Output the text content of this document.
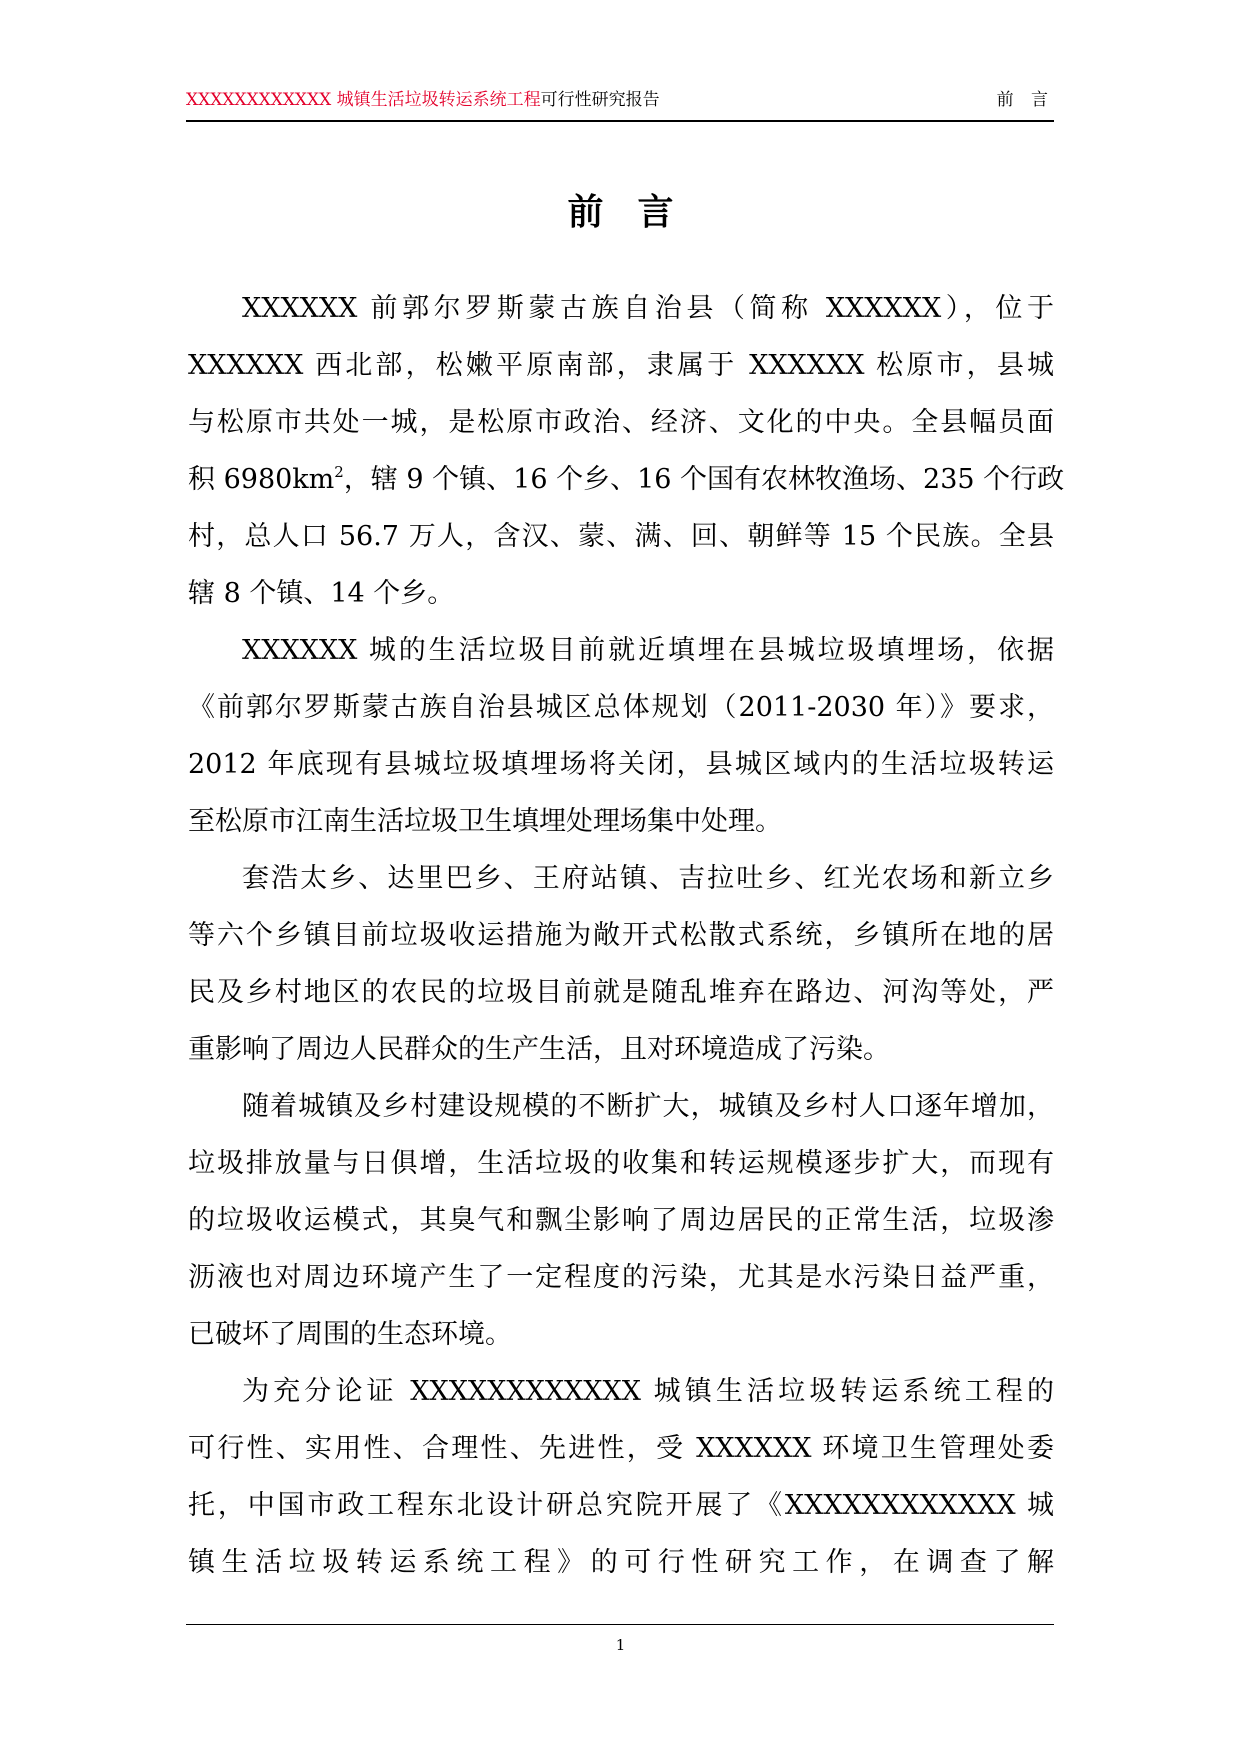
XXXXXXXXXXXX 城镇生活垃圾转运系统工程可行性研究报告	前 言
前言
XXXXXX 前郭尔罗斯蒙古族自治县（简称 XXXXXX），位于
XXXXXX 西北部，松嫩平原南部，隶属于 XXXXXX 松原市，县城
与松原市共处一城，是松原市政治、经济、文化的中央。全县幅员面
积 $6980km^2$，辖 9 个镇、16 个乡、16 个国有农林牧渔场、235 个行政
村，总人口 56.7 万人，含汉、蒙、满、回、朝鲜等 15 个民族。全县
辖 8 个镇、14 个乡。
XXXXXX 城的生活垃圾目前就近填埋在县城垃圾填埋场，依据
《前郭尔罗斯蒙古族自治县城区总体规划（2011-2030 年）》要求，
2012 年底现有县城垃圾填埋场将关闭，县城区域内的生活垃圾转运
至松原市江南生活垃圾卫生填埋处理场集中处理。
套浩太乡、达里巴乡、王府站镇、吉拉吐乡、红光农场和新立乡
等六个乡镇目前垃圾收运措施为敞开式松散式系统，乡镇所在地的居
民及乡村地区的农民的垃圾目前就是随乱堆弃在路边、河沟等处，严
重影响了周边人民群众的生产生活，且对环境造成了污染。
随着城镇及乡村建设规模的不断扩大，城镇及乡村人口逐年增加，
垃圾排放量与日俱增，生活垃圾的收集和转运规模逐步扩大，而现有
的垃圾收运模式，其臭气和飘尘影响了周边居民的正常生活，垃圾渗
沥液也对周边环境产生了一定程度的污染，尤其是水污染日益严重，
已破坏了周围的生态环境。
为充分论证 XXXXXXXXXXXX 城镇生活垃圾转运系统工程的
可行性、实用性、合理性、先进性，受 XXXXXX 环境卫生管理处委
托，中国市政工程东北设计研总究院开展了《XXXXXXXXXXXX 城
镇生活垃圾转运系统工程》的可行性研究工作，在调查了解
1
